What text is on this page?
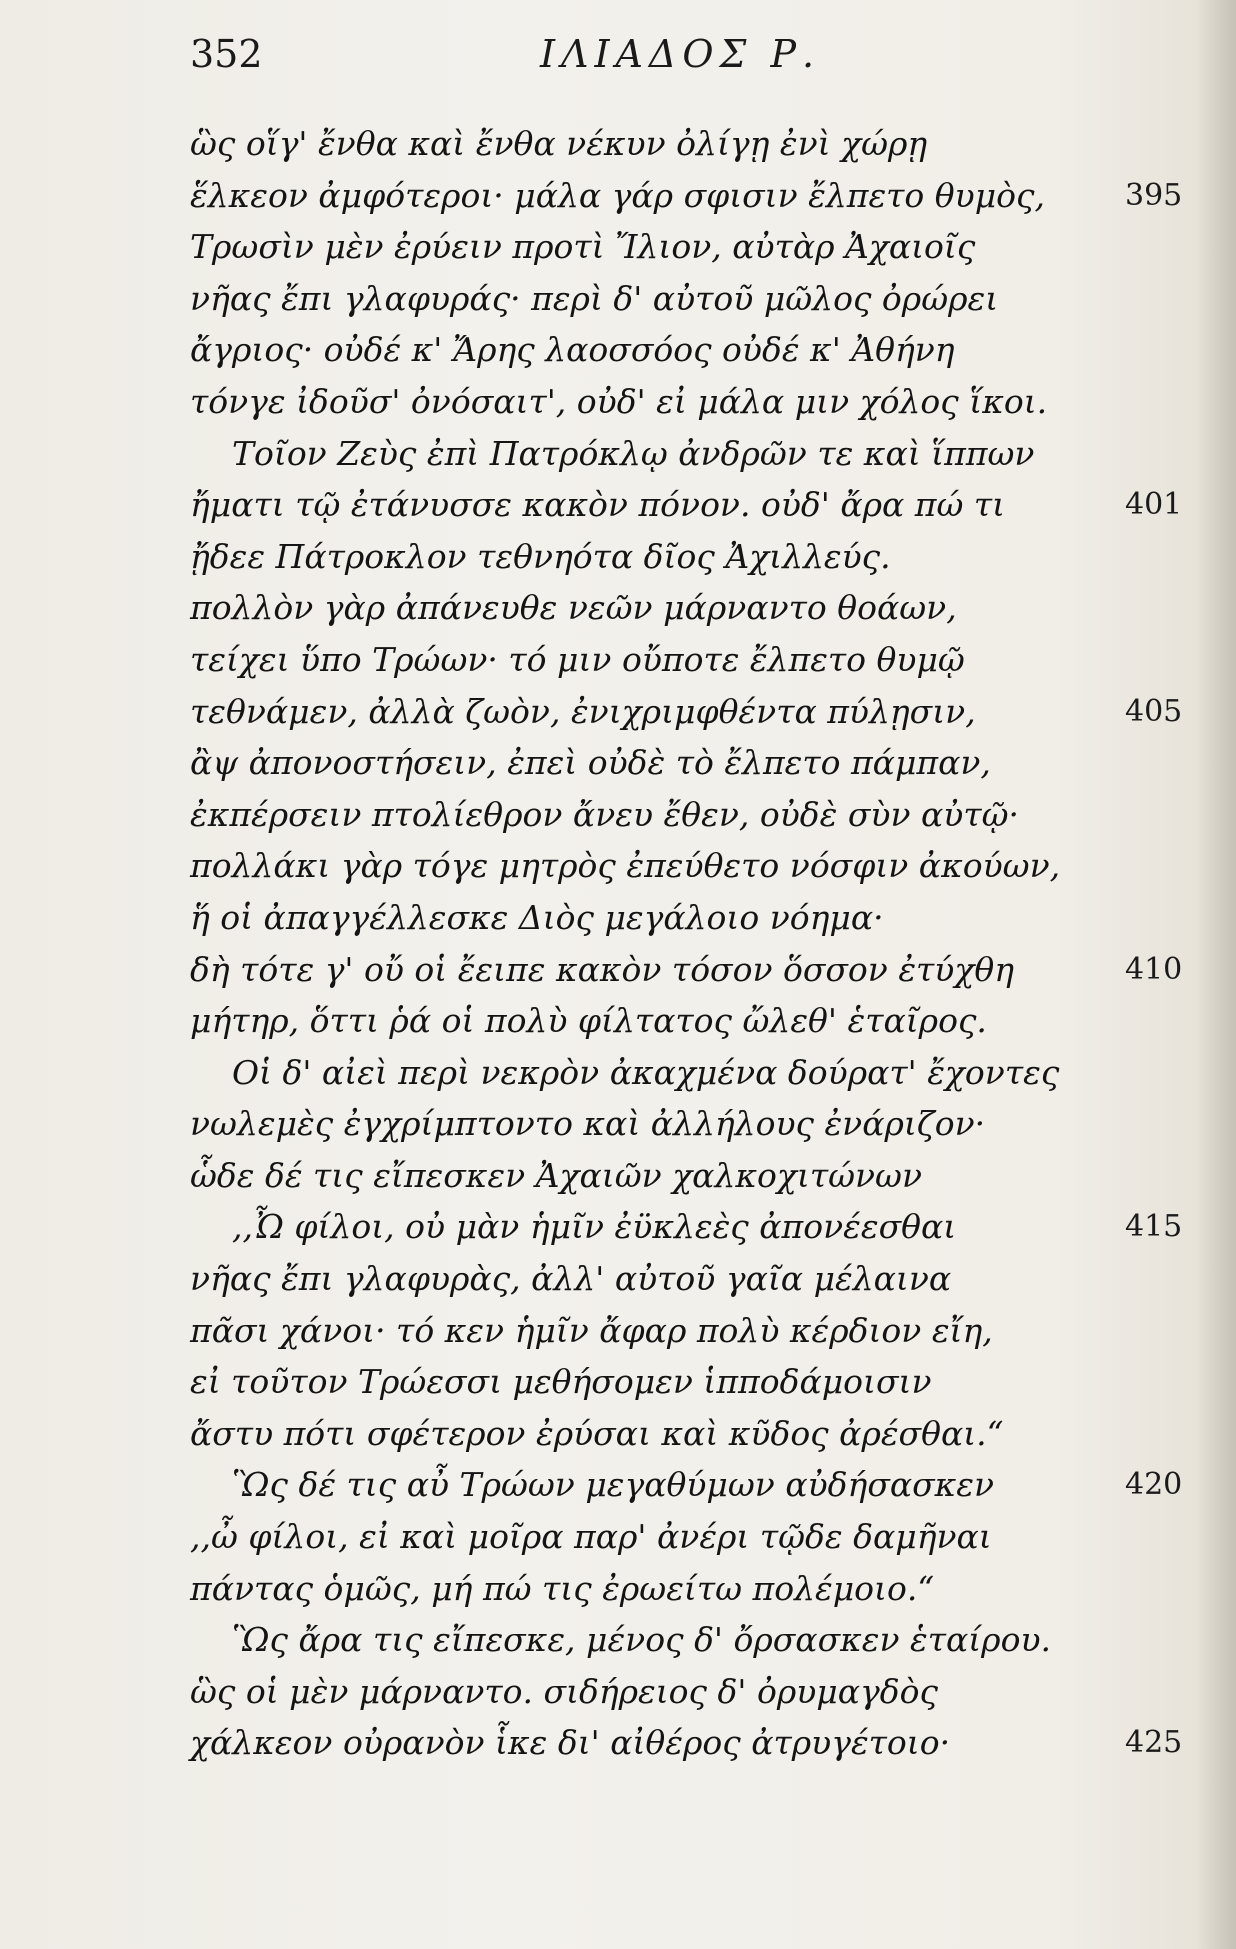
352	ΙΛΙΑΔΟΣ Ρ.
ὣς οἵγ' ἔνθα καὶ ἔνθα νέκυν ὀλίγῃ ἐνὶ χώρῃ
ἕλκεον ἀμφότεροι· μάλα γάρ σφισιν ἔλπετο θυμὸς,	395
Τρωσὶν μὲν ἐρύειν προτὶ Ἴλιον, αὐτὰρ Ἀχαιοῖς
νῆας ἔπι γλαφυράς· περὶ δ' αὐτοῦ μῶλος ὀρώρει
ἄγριος· οὐδέ κ' Ἄρης λαοσσόος οὐδέ κ' Ἀθήνη
τόνγε ἰδοῦσ' ὀνόσαιτ', οὐδ' εἰ μάλα μιν χόλος ἵκοι.
Τοῖον Ζεὺς ἐπὶ Πατρόκλῳ ἀνδρῶν τε καὶ ἵππων
ἤματι τῷ ἐτάνυσσε κακὸν πόνον. οὐδ' ἄρα πώ τι	401
ᾔδεε Πάτροκλον τεθνηότα δῖος Ἀχιλλεύς.
πολλὸν γὰρ ἀπάνευθε νεῶν μάρναντο θοάων,
τείχει ὕπο Τρώων· τό μιν οὔποτε ἔλπετο θυμῷ
τεθνάμεν, ἀλλὰ ζωὸν, ἐνιχριμφθέντα πύλῃσιν,	405
ἂψ ἀπονοστήσειν, ἐπεὶ οὐδὲ τὸ ἔλπετο πάμπαν,
ἐκπέρσειν πτολίεθρον ἄνευ ἔθεν, οὐδὲ σὺν αὐτῷ·
πολλάκι γὰρ τόγε μητρὸς ἐπεύθετο νόσφιν ἀκούων,
ἥ οἱ ἀπαγγέλλεσκε Διὸς μεγάλοιο νόημα·
δὴ τότε γ' οὔ οἱ ἔειπε κακὸν τόσον ὅσσον ἐτύχθη	410
μήτηρ, ὅττι ῥά οἱ πολὺ φίλτατος ὤλεθ' ἑταῖρος.
Οἱ δ' αἰεὶ περὶ νεκρὸν ἀκαχμένα δούρατ' ἔχοντες
νωλεμὲς ἐγχρίμπτοντο καὶ ἀλλήλους ἐνάριζον·
ὧδε δέ τις εἴπεσκεν Ἀχαιῶν χαλκοχιτώνων
,,Ὦ φίλοι, οὐ μὰν ἡμῖν ἐϋκλεὲς ἀπονέεσθαι	415
νῆας ἔπι γλαφυρὰς, ἀλλ' αὐτοῦ γαῖα μέλαινα
πᾶσι χάνοι· τό κεν ἡμῖν ἄφαρ πολὺ κέρδιον εἴη,
εἰ τοῦτον Τρώεσσι μεθήσομεν ἱπποδάμοισιν
ἄστυ πότι σφέτερον ἐρύσαι καὶ κῦδος ἀρέσθαι.“
Ὣς δέ τις αὖ Τρώων μεγαθύμων αὐδήσασκεν	420
,,ὦ φίλοι, εἰ καὶ μοῖρα παρ' ἀνέρι τῷδε δαμῆναι
πάντας ὁμῶς, μή πώ τις ἐρωείτω πολέμοιο.“
Ὣς ἄρα τις εἴπεσκε, μένος δ' ὄρσασκεν ἑταίρου.
ὣς οἱ μὲν μάρναντο. σιδήρειος δ' ὀρυμαγδὸς
χάλκεον οὐρανὸν ἷκε δι' αἰθέρος ἀτρυγέτοιο·	425
